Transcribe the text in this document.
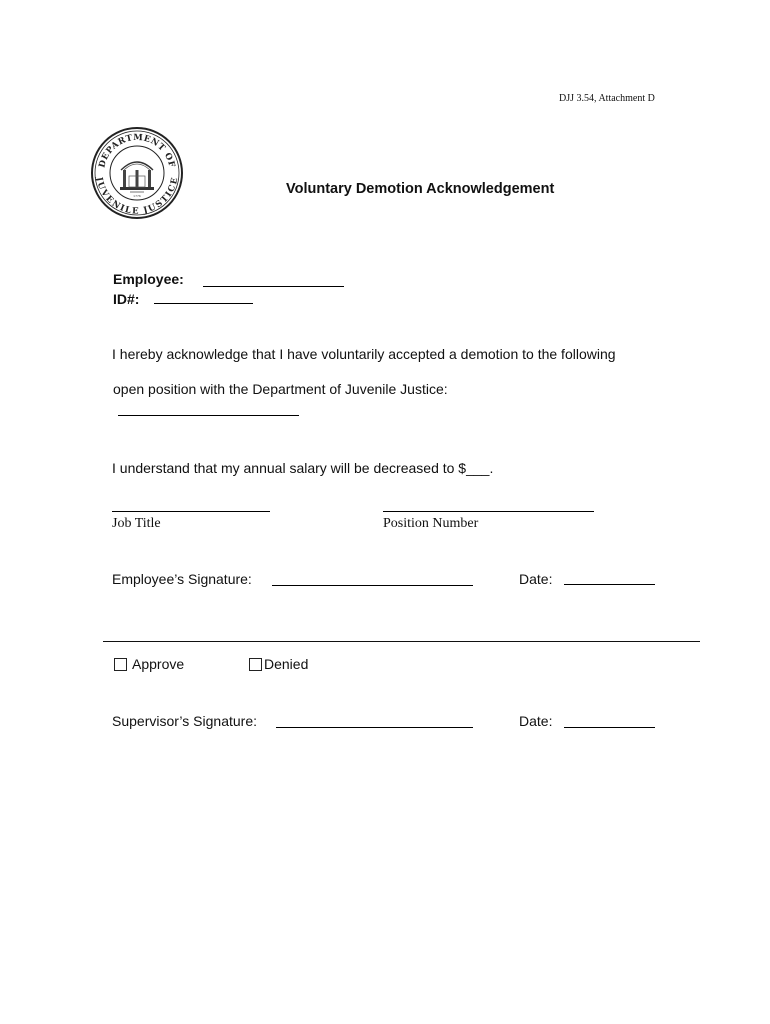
DJJ 3.54, Attachment D
DEPARTMENT OF
JUVENILE JUSTICE
1776	Voluntary Demotion Acknowledgement
Employee:
ID#:
I hereby acknowledge that I have voluntarily accepted a demotion to the following
open position with the Department of Juvenile Justice:
I understand that my annual salary will be decreased to $___.
Job Title	Position Number
Employee’s Signature:	Date:
Approve	Denied
Supervisor’s Signature:	Date:
